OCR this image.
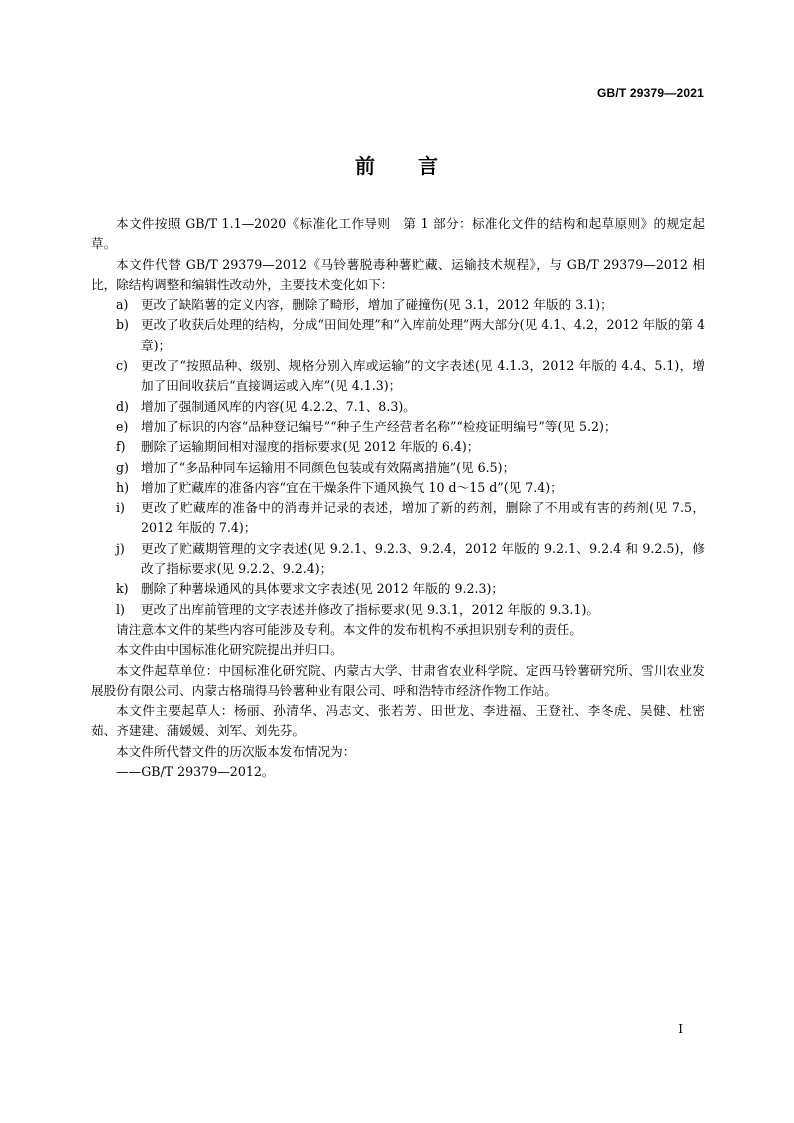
GB/T 29379—2021
前　　言

本文件按照 GB/T 1.1—2020《标准化工作导则　第 1 部分：标准化文件的结构和起草原则》的规定起草。

本文件代替 GB/T 29379—2012《马铃薯脱毒种薯贮藏、运输技术规程》，与 GB/T 29379—2012 相比，除结构调整和编辑性改动外，主要技术变化如下：

a) 更改了缺陷薯的定义内容，删除了畸形，增加了碰撞伤(见 3.1，2012 年版的 3.1)；
b) 更改了收获后处理的结构，分成“田间处理”和“入库前处理”两大部分(见 4.1、4.2，2012 年版的第 4 章)；
c)	更改了“按照品种、级别、规格分别入库或运输”的文字表述(见 4.1.3，2012 年版的 4.4、5.1)，增加了田间收获后“直接调运或入库”(见 4.1.3)；
d) 增加了强制通风库的内容(见 4.2.2、7.1、8.3)。
e)	增加了标识的内容“品种登记编号”“种子生产经营者名称”“检疫证明编号”等(见 5.2)；
f)	删除了运输期间相对湿度的指标要求(见 2012 年版的 6.4)；
g) 增加了“多品种同车运输用不同颜色包装或有效隔离措施”(见 6.5)；
h) 增加了贮藏库的准备内容“宜在干燥条件下通风换气 10 d～15 d”(见 7.4)；
i)	更改了贮藏库的准备中的消毒并记录的表述，增加了新的药剂，删除了不用或有害的药剂(见 7.5，2012 年版的 7.4)；
j)	更改了贮藏期管理的文字表述(见 9.2.1、9.2.3、9.2.4，2012 年版的 9.2.1、9.2.4 和 9.2.5)，修改了指标要求(见 9.2.2、9.2.4)；
k) 删除了种薯垛通风的具体要求文字表述(见 2012 年版的 9.2.3)；
l)	更改了出库前管理的文字表述并修改了指标要求(见 9.3.1，2012 年版的 9.3.1)。

请注意本文件的某些内容可能涉及专利。本文件的发布机构不承担识别专利的责任。

本文件由中国标准化研究院提出并归口。

本文件起草单位：中国标准化研究院、内蒙古大学、甘肃省农业科学院、定西马铃薯研究所、雪川农业发展股份有限公司、内蒙古格瑞得马铃薯种业有限公司、呼和浩特市经济作物工作站。

本文件主要起草人：杨丽、孙清华、冯志文、张若芳、田世龙、李进福、王登社、李冬虎、吴健、杜密茹、齐建建、蒲媛媛、刘军、刘先芬。

本文件所代替文件的历次版本发布情况为：

——GB/T 29379—2012。

I
